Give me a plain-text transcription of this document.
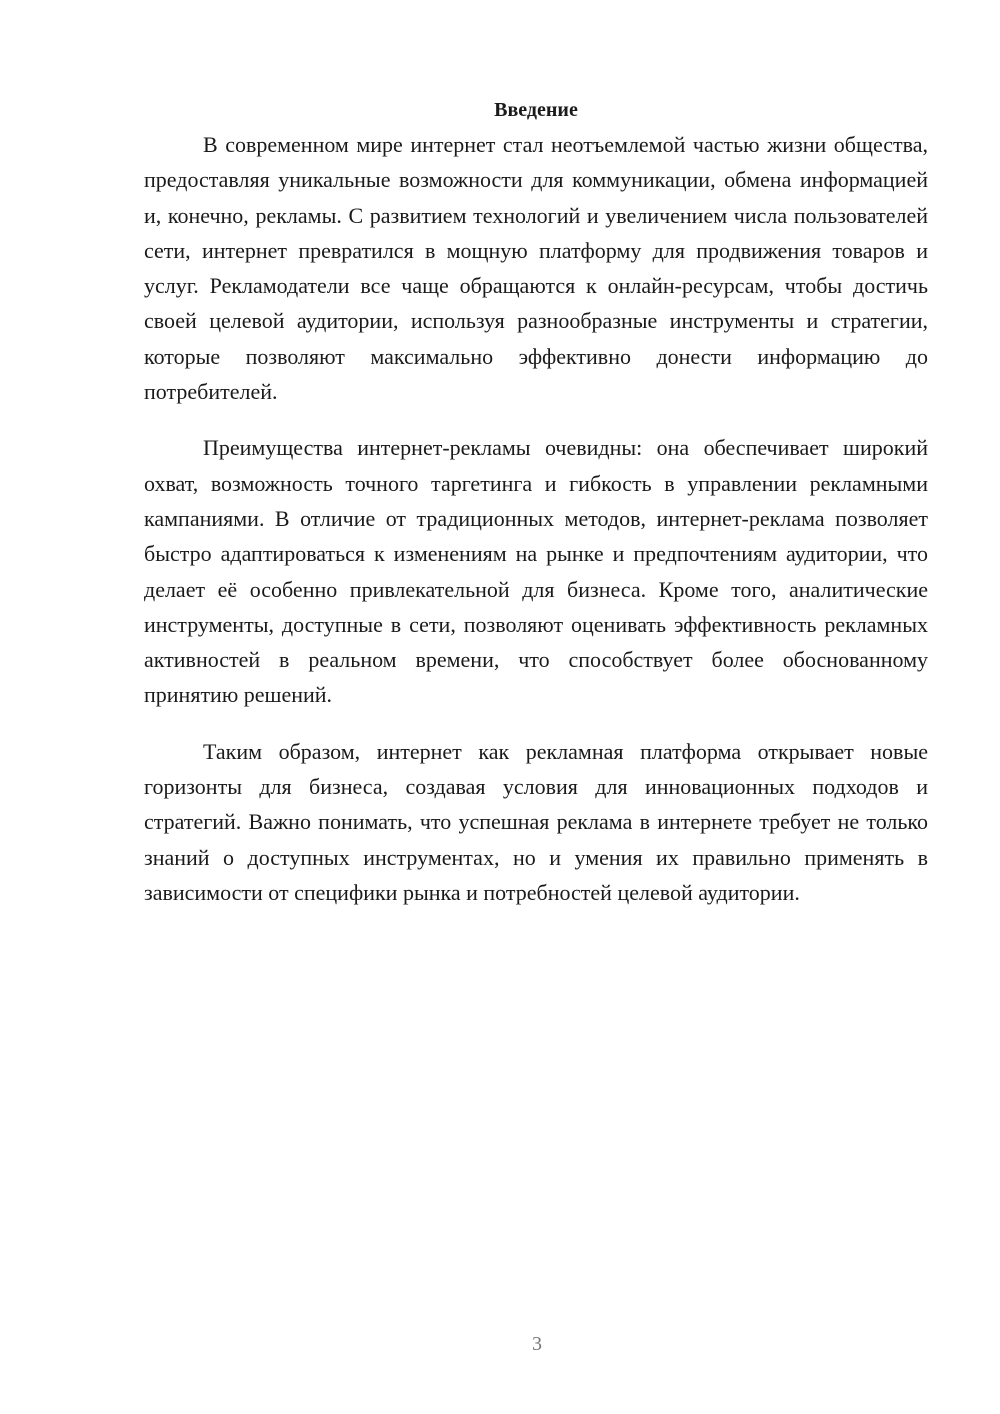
Введение

В современном мире интернет стал неотъемлемой частью жизни общества, предоставляя уникальные возможности для коммуникации, обмена информацией и, конечно, рекламы. С развитием технологий и увеличением числа пользователей сети, интернет превратился в мощную платформу для продвижения товаров и услуг. Рекламодатели все чаще обращаются к онлайн-ресурсам, чтобы достичь своей целевой аудитории, используя разнообразные инструменты и стратегии, которые позволяют максимально эффективно донести информацию до потребителей.

Преимущества интернет-рекламы очевидны: она обеспечивает широкий охват, возможность точного таргетинга и гибкость в управлении рекламными кампаниями. В отличие от традиционных методов, интернет-реклама позволяет быстро адаптироваться к изменениям на рынке и предпочтениям аудитории, что делает её особенно привлекательной для бизнеса. Кроме того, аналитические инструменты, доступные в сети, позволяют оценивать эффективность рекламных активностей в реальном времени, что способствует более обоснованному принятию решений.

Таким образом, интернет как рекламная платформа открывает новые горизонты для бизнеса, создавая условия для инновационных подходов и стратегий. Важно понимать, что успешная реклама в интернете требует не только знаний о доступных инструментах, но и умения их правильно применять в зависимости от специфики рынка и потребностей целевой аудитории.

3
